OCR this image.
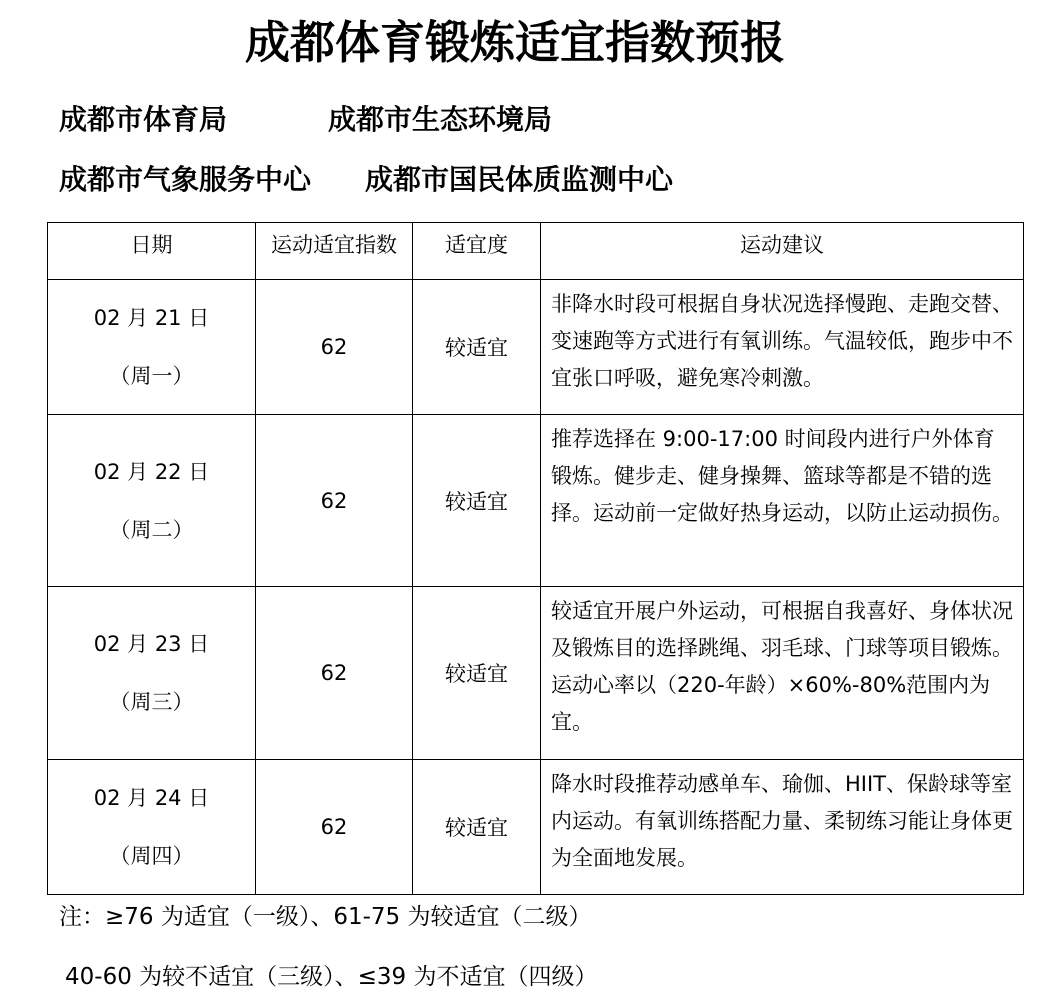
成都体育锻炼适宜指数预报
成都市体育局	成都市生态环境局
成都市气象服务中心 成都市国民体质监测中心
日期	运动适宜指数	适宜度	运动建议

02 月 21 日
（周一）	62	较适宜	非降水时段可根据自身状况选择慢跑、走跑交替、变速跑等方式进行有氧训练。气温较低，跑步中不宜张口呼吸，避免寒冷刺激。

02 月 22 日
（周二）	62	较适宜	推荐选择在 9:00-17:00 时间段内进行户外体育锻炼。健步走、健身操舞、篮球等都是不错的选择。运动前一定做好热身运动，以防止运动损伤。

02 月 23 日
（周三）	62	较适宜	较适宜开展户外运动，可根据自我喜好、身体状况及锻炼目的选择跳绳、羽毛球、门球等项目锻炼。运动心率以（220-年龄）×60%-80%范围内为宜。

02 月 24 日
（周四）	62	较适宜	降水时段推荐动感单车、瑜伽、HIIT、保龄球等室内运动。有氧训练搭配力量、柔韧练习能让身体更为全面地发展。
注：≥76 为适宜（一级）、61-75 为较适宜（二级）
40-60 为较不适宜（三级）、≤39 为不适宜（四级）
